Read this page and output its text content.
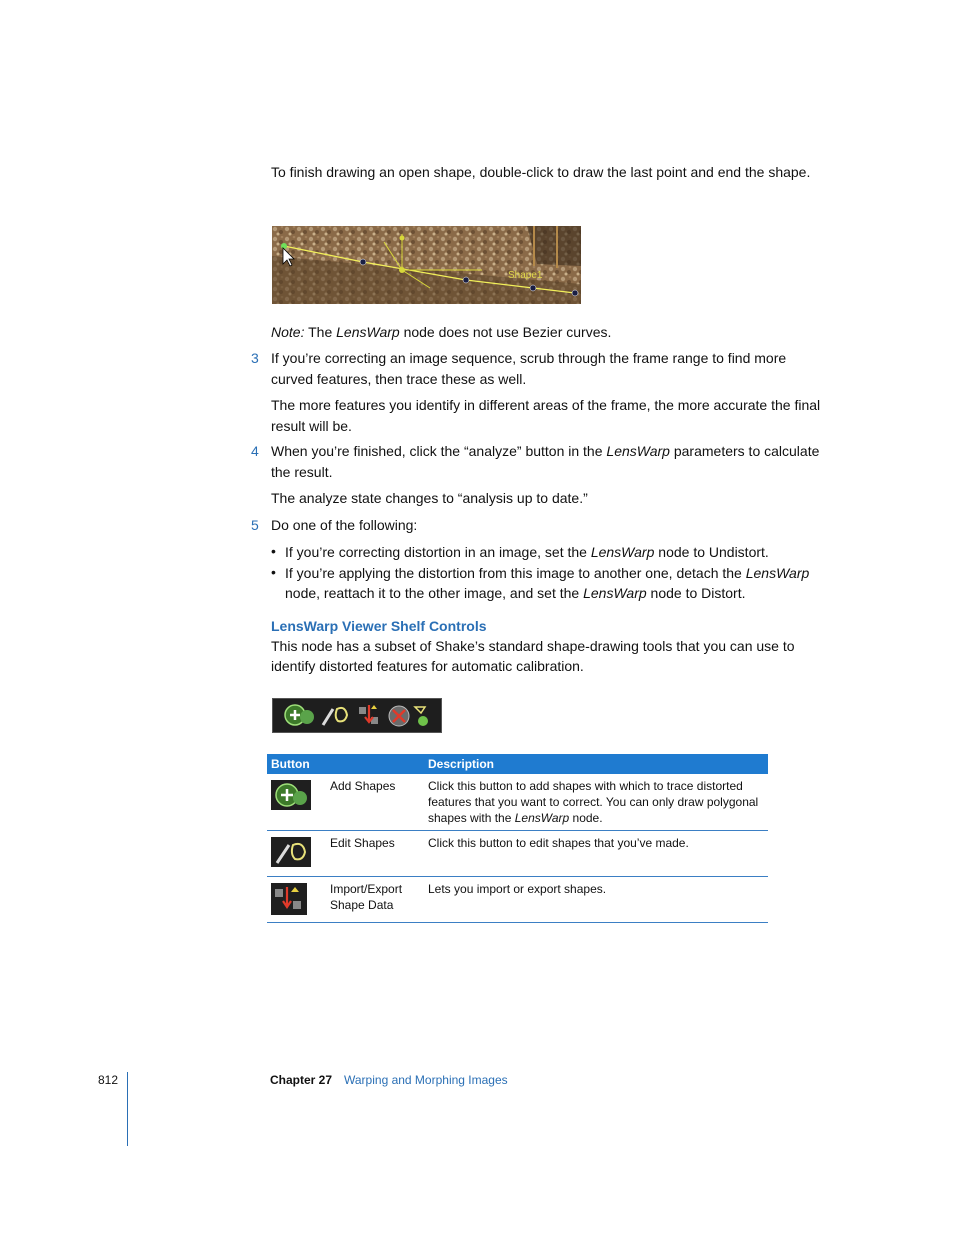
To finish drawing an open shape, double-click to draw the last point and end the shape.

Shape1

Note: The LensWarp node does not use Bezier curves.

3 If you’re correcting an image sequence, scrub through the frame range to find more curved features, then trace these as well.

The more features you identify in different areas of the frame, the more accurate the final result will be.

4 When you’re finished, click the “analyze” button in the LensWarp parameters to calculate the result.

The analyze state changes to “analysis up to date.”

5 Do one of the following:

• If you’re correcting distortion in an image, set the LensWarp node to Undistort.

• If you’re applying the distortion from this image to another one, detach the LensWarp node, reattach it to the other image, and set the LensWarp node to Distort.

LensWarp Viewer Shelf Controls

This node has a subset of Shake’s standard shape-drawing tools that you can use to identify distorted features for automatic calibration.

Button		Description

	Add Shapes	Click this button to add shapes with which to trace distorted features that you want to correct. You can only draw polygonal shapes with the LensWarp node.

	Edit Shapes	Click this button to edit shapes that you’ve made.

	Import/Export Shape Data	Lets you import or export shapes.
812	Chapter 27 Warping and Morphing Images
